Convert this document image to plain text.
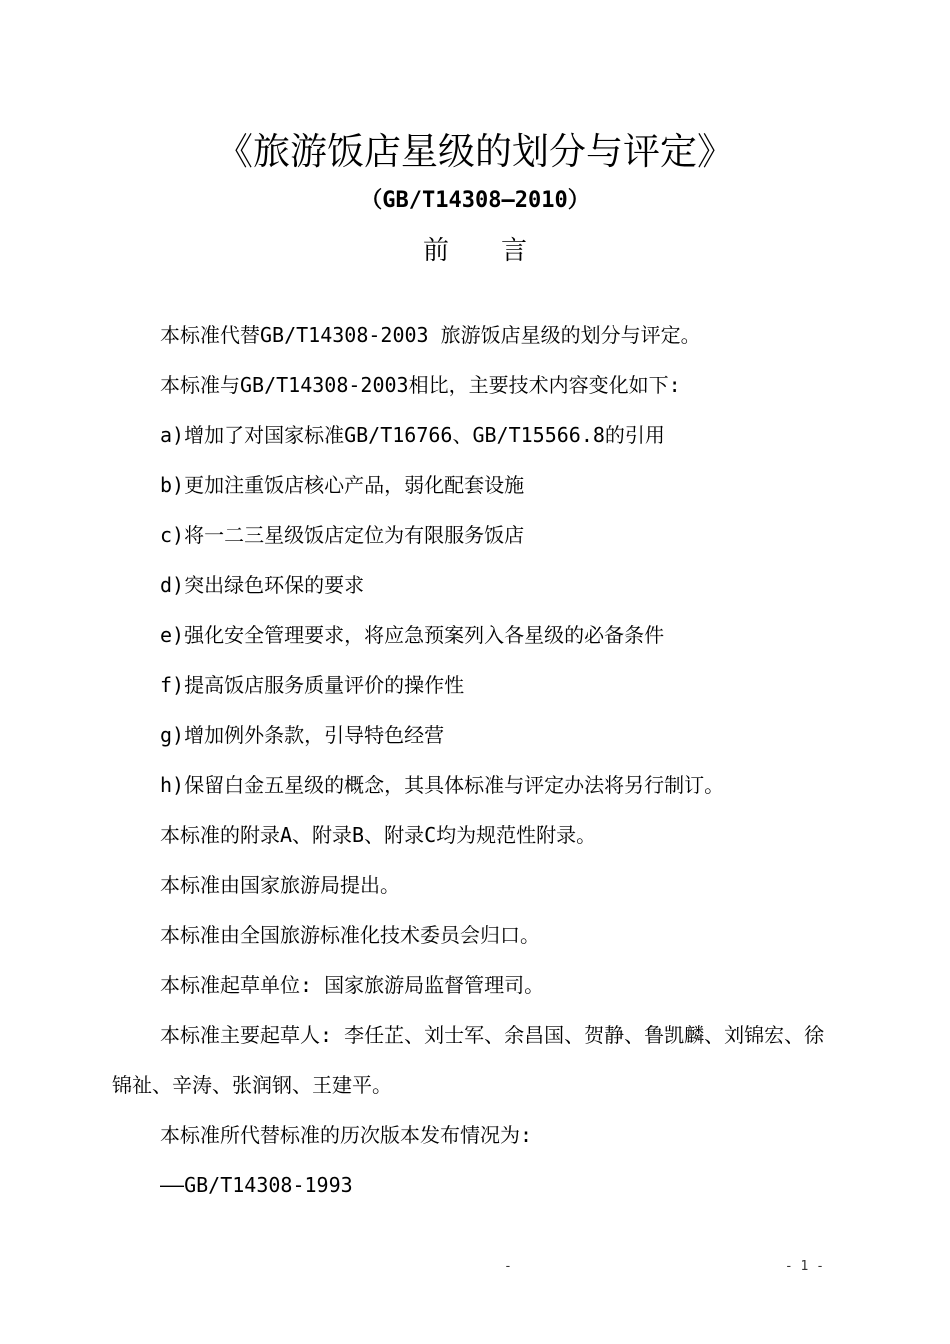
《旅游饭店星级的划分与评定》
（GB/T14308—2010）
前 言

本标准代替GB/T14308-2003 旅游饭店星级的划分与评定。

本标准与GB/T14308-2003相比，主要技术内容变化如下:

a)增加了对国家标准GB/T16766、GB/T15566.8的引用

b)更加注重饭店核心产品，弱化配套设施

c)将一二三星级饭店定位为有限服务饭店

d)突出绿色环保的要求

e)强化安全管理要求，将应急预案列入各星级的必备条件

f)提高饭店服务质量评价的操作性

g)增加例外条款，引导特色经营

h)保留白金五星级的概念，其具体标准与评定办法将另行制订。

本标准的附录A、附录B、附录C均为规范性附录。

本标准由国家旅游局提出。

本标准由全国旅游标准化技术委员会归口。

本标准起草单位: 国家旅游局监督管理司。

本标准主要起草人: 李任芷、刘士军、余昌国、贺静、鲁凯麟、刘锦宏、徐锦祉、辛涛、张润钢、王建平。

本标准所代替标准的历次版本发布情况为:

——GB/T14308-1993

-	- 1 -
